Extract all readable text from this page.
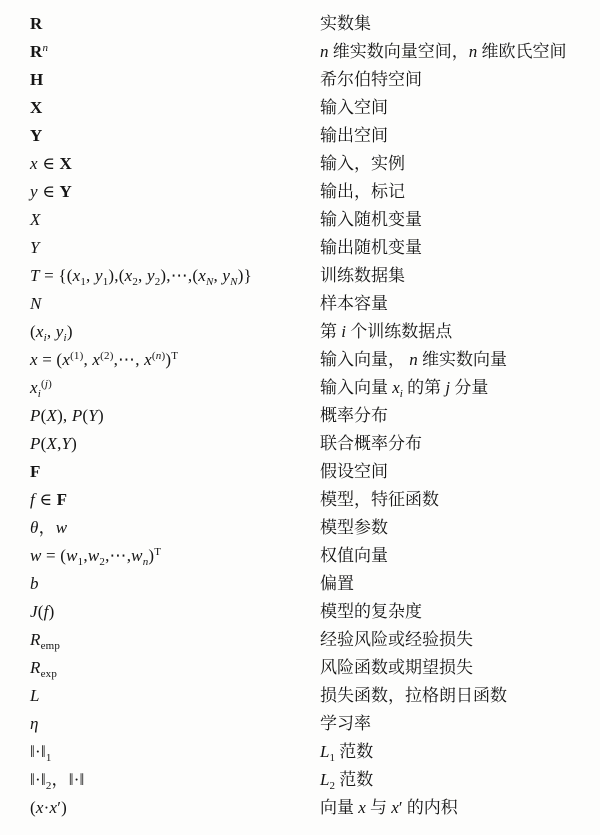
R	实数集
$R^n$	n 维实数向量空间，n 维欧氏空间
H	希尔伯特空间
X	输入空间
Y	输出空间
x ∈ X	输入，实例
y ∈ Y	输出，标记
X	输入随机变量
Y	输出随机变量
$T = \{(x_1$, $y_1),(x_2$, $y_2),\cdots,(x_N$, $y_N$)}	训练数据集
N	样本容量
($x_i$, $y_i$)	第 i 个训练数据点
$x = (x^{(1)}$, $x^{(2)},\cdots$, $x^{(n)})^T$	输入向量， n 维实数向量
$x_i^{(j)}$	输入向量 $x_i$ 的第 j 分量
P(X), P(Y)	概率分布
P(X,Y)	联合概率分布
F	假设空间
f ∈ F	模型，特征函数
θ，w	模型参数
$w = (w_1,w_2,\cdots,w_n)^T$	权值向量
b	偏置
J(f)	模型的复杂度
$R_{emp}$	经验风险或经验损失
$R_{exp}$	风险函数或期望损失
L	损失函数，拉格朗日函数
η	学习率
$‖\cdot‖_1$	$L_1$ 范数
$‖\cdot‖_2$，‖·‖	$L_2$ 范数
(x·x′)	向量 x 与 x′ 的内积
